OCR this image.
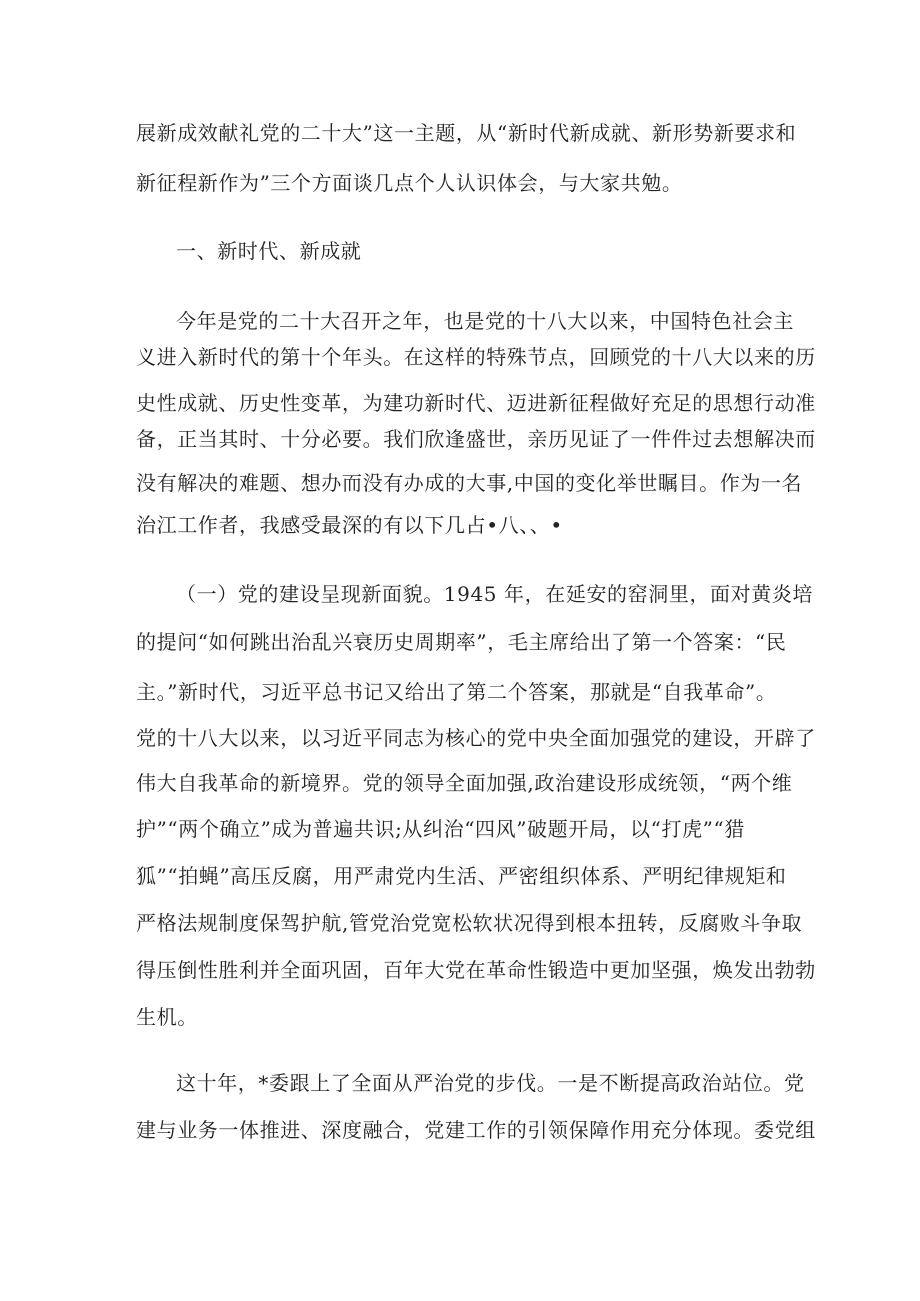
展新成效献礼党的二十大”这一主题，从“新时代新成就、新形势新要求和
新征程新作为”三个方面谈几点个人认识体会，与大家共勉。
一、新时代、新成就
今年是党的二十大召开之年，也是党的十八大以来，中国特色社会主
义进入新时代的第十个年头。在这样的特殊节点，回顾党的十八大以来的历
史性成就、历史性变革，为建功新时代、迈进新征程做好充足的思想行动准
备，正当其时、十分必要。我们欣逢盛世，亲历见证了一件件过去想解决而
没有解决的难题、想办而没有办成的大事,中国的变化举世瞩目。作为一名
治江工作者，我感受最深的有以下几占•八、、•
（一）党的建设呈现新面貌。1945 年，在延安的窑洞里，面对黄炎培
的提问“如何跳出治乱兴衰历史周期率”，毛主席给出了第一个答案：“民
主。”新时代，习近平总书记又给出了第二个答案，那就是“自我革命”。
党的十八大以来，以习近平同志为核心的党中央全面加强党的建设，开辟了
伟大自我革命的新境界。党的领导全面加强,政治建设形成统领，“两个维
护”“两个确立”成为普遍共识;从纠治“四风”破题开局，以“打虎”“猎
狐”“拍蝇”高压反腐，用严肃党内生活、严密组织体系、严明纪律规矩和
严格法规制度保驾护航,管党治党宽松软状况得到根本扭转，反腐败斗争取
得压倒性胜利并全面巩固，百年大党在革命性锻造中更加坚强，焕发出勃勃
生机。
这十年，*委跟上了全面从严治党的步伐。一是不断提高政治站位。党
建与业务一体推进、深度融合，党建工作的引领保障作用充分体现。委党组
